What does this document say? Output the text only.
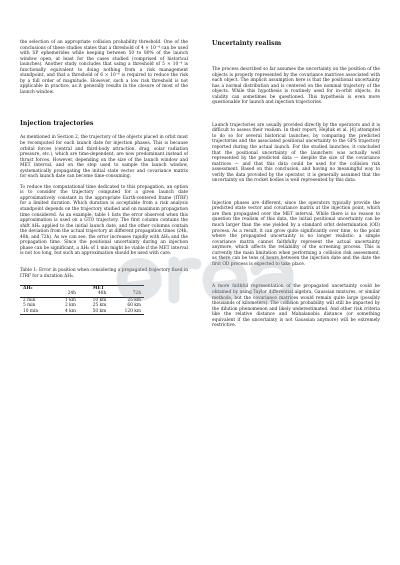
the selection of an appropriate collision probability threshold. One of the conclusions of these studies states that a threshold of 4 × 10⁻⁴ can be used with SP ephemerides while keeping between 50 to 80% of the launch window open, at least for the cases studied (comprised of historical launches). Another study concludes that using a threshold of 5 × 10⁻⁴ is functionally equivalent to doing nothing from a risk management standpoint, and that a threshold of 6 × 10⁻⁶ is required to reduce the risk by a full order of magnitude. However, such a low risk threshold is not applicable in practice, as it generally results in the closure of most of the launch window.

Injection trajectories

As mentioned in Section 2, the trajectory of the objects placed in orbit must be recomputed for each launch date for injection phases. This is because orbital forces (central and third-body attraction, drag, solar radiation pressure, etc.), which are time-dependent, are now predominant instead of thrust forces. However, depending on the size of the launch window and MET interval, and on the step used to sample the launch window, systematically propagating the initial state vector and covariance matrix for each launch date can become time-consuming.

To reduce the computational time dedicated to this propagation, an option is to consider the trajectory computed for a given launch date approximatively constant in the appropriate Earth-centered frame (ITRF) for a limited duration. Which duration is acceptable from a risk analysis standpoint depends on the trajectory studied and on maximum propagation time considered. As an example, table 1 lists the error observed when this approximation is used on a GTO trajectory. The first column contains the shift ΔH₀ applied to the initial launch date, and the other columns contain the deviation from the actual trajectory at different propagation times (24h, 48h, and 72h). As we can see, the error increases rapidly with ΔH₀ and the propagation time. Since the positional uncertainty during an injection phase can be significant, a ΔH₀ of 1 min might be viable if the MET interval is not too long, but such an approximation should be used with care.

Table 1: Error in position when considering a propagated trajectory fixed in ITRF for a duration ΔH₀.

ΔH₀	MET		
	24h	48h	72h
2 min	1 km	10 km	25 km
5 min	2 km	25 km	60 km
10 min	4 km	50 km	120 km
Uncertainty realism

The process described so far assumes the uncertainty on the position of the objects is properly represented by the covariance matrices associated with each object. The implicit assumption here is that the positional uncertainty has a normal distribution and is centered on the nominal trajectory of the objects. While this hypothesis is routinely used for in-orbit objects, its validity can sometimes be questioned. This hypothesis is even more questionable for launch and injection trajectories.

Launch trajectories are usually provided directly by the operators and it is difficult to assess their realism. In their report, Hejduk et al. [4] attempted to do so for several historical launches, by comparing the predicted trajectories and the associated positional uncertainty to the GPS trajectory reported during the actual launch. For the studied launches, it concluded that the positional uncertainty of the launchers was actually well represented by the predicted data — despite the size of the covariance matrices — and that this data could be used for the collision risk assessment. Based on this conclusion, and having no meaningful way to verify the data provided by the operator, it is generally assumed that the uncertainty on the rocket bodies is well represented by this data.

Injection phases are different, since the operators typically provide the predicted state vector and covariance matrix at the injection point, which are then propagated over the MET interval. While there is no reason to question the realism of this data, the initial positional uncertainty can be much larger than the one yielded by a standard orbit determination (OD) process. As a result, it can grow quite significantly over time, to the point where the propagated uncertainty is no longer realistic: a simple covariance matrix cannot faithfully represent the actual uncertainty anymore, which affects the reliability of the screening process. This is currently the main limitation when performing a collision risk assessment, as there can be tens of hours between the injection date and the date the first OD process is expected to take place.

A more faithful representation of the propagated uncertainty could be obtained by using Taylor differential algebra, Gaussian mixtures, or similar methods, but the covariance matrices would remain quite large (possibly thousands of kilometers). The collision probability will still be impacted by the dilution phenomenon and likely underestimated. And other risk criteria like the relative distance and Mahalanobis distance (or something equivalent if the uncertainty is not Gaussian anymore) will be extremely restrictive.
